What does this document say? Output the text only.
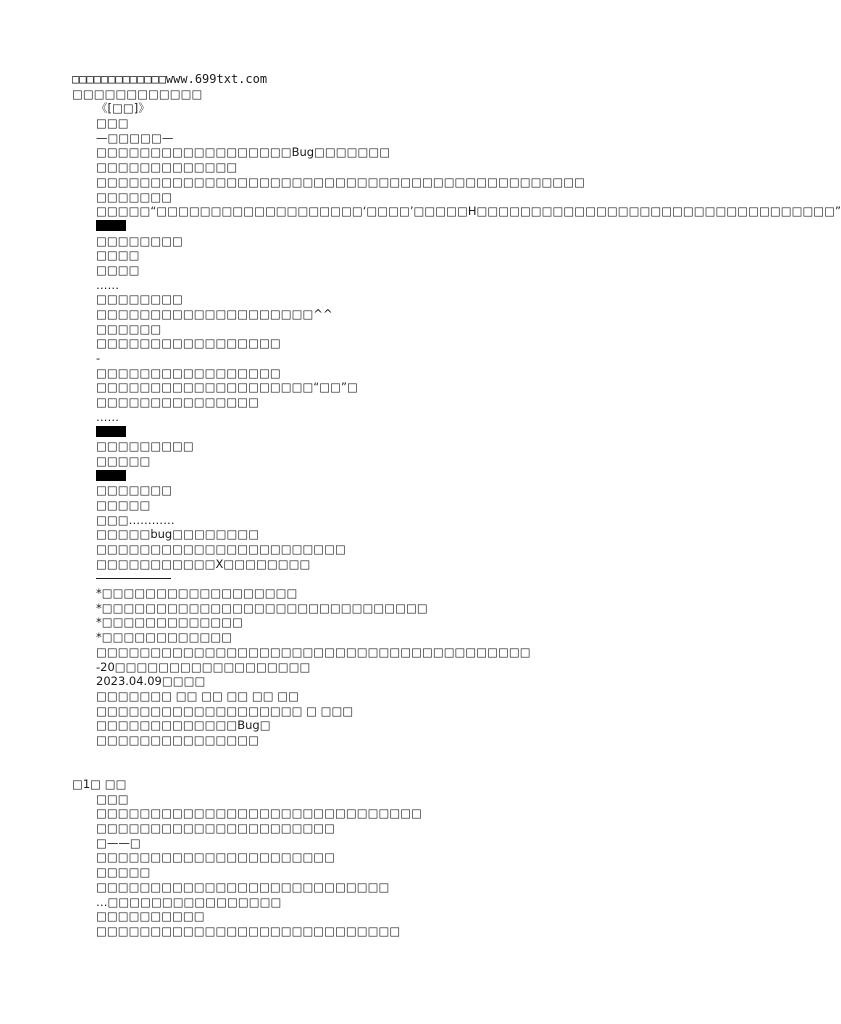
□□□□□□□□□□□□□www.699txt.com
□□□□□□□□□□□□
《[□□]》
□□□
—□□□□□—
□□□□□□□□□□□□□□□□□□Bug□□□□□□□
□□□□□□□□□□□□□
□□□□□□□□□□□□□□□□□□□□□□□□□□□□□□□□□□□□□□□□□□□□□
□□□□□□□
□□□□□“□□□□□□□□□□□□□□□□□□□‘□□□□’□□□□□H□□□□□□□□□□□□□□□□□□□□□□□□□□□□□□□□□”
□□□□□□□□
□□□□
□□□□
……
□□□□□□□□
□□□□□□□□□□□□□□□□□□□□^^
□□□□□□
□□□□□□□□□□□□□□□□□
-
□□□□□□□□□□□□□□□□□
□□□□□□□□□□□□□□□□□□□□“□□”□
□□□□□□□□□□□□□□□
……
□□□□□□□□□
□□□□□
□□□□□□□
□□□□□
□□□…………
□□□□□bug□□□□□□□□
□□□□□□□□□□□□□□□□□□□□□□□
□□□□□□□□□□□X□□□□□□□□
*□□□□□□□□□□□□□□□□□□
*□□□□□□□□□□□□□□□□□□□□□□□□□□□□□□
*□□□□□□□□□□□□□
*□□□□□□□□□□□□
□□□□□□□□□□□□□□□□□□□□□□□□□□□□□□□□□□□□□□□□
-20□□□□□□□□□□□□□□□□□□
2023.04.09□□□□
□□□□□□□ □□ □□ □□ □□ □□
□□□□□□□□□□□□□□□□□□□ □ □□□
□□□□□□□□□□□□□Bug□
□□□□□□□□□□□□□□□
□1□ □□
□□□
□□□□□□□□□□□□□□□□□□□□□□□□□□□□□□
□□□□□□□□□□□□□□□□□□□□□□
□——□
□□□□□□□□□□□□□□□□□□□□□□
□□□□□
□□□□□□□□□□□□□□□□□□□□□□□□□□□
…□□□□□□□□□□□□□□□□
□□□□□□□□□□
□□□□□□□□□□□□□□□□□□□□□□□□□□□□
